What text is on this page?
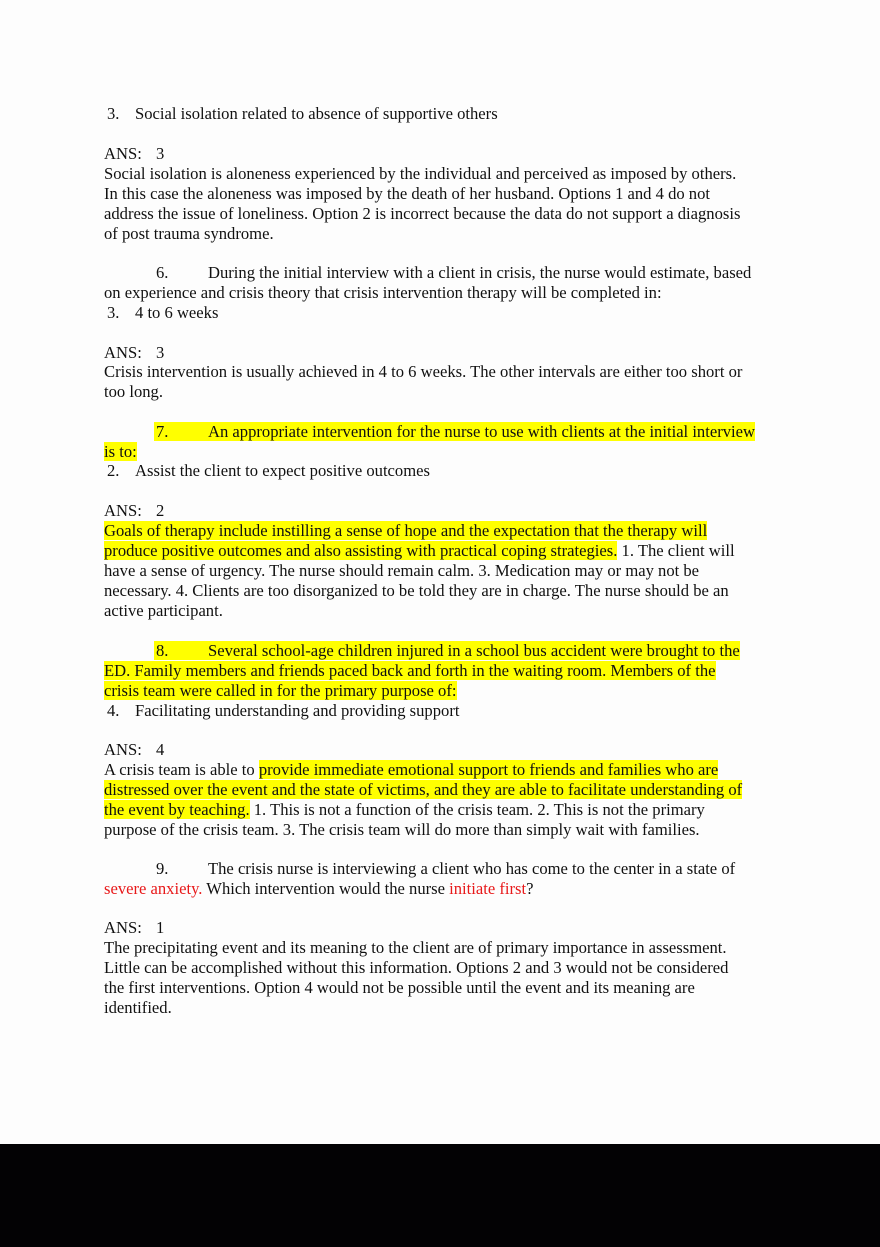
3. Social isolation related to absence of supportive others
ANS: 3
Social isolation is aloneness experienced by the individual and perceived as imposed by others.
In this case the aloneness was imposed by the death of her husband. Options 1 and 4 do not
address the issue of loneliness. Option 2 is incorrect because the data do not support a diagnosis
of post trauma syndrome.
6. During the initial interview with a client in crisis, the nurse would estimate, based
on experience and crisis theory that crisis intervention therapy will be completed in:
3. 4 to 6 weeks
ANS: 3
Crisis intervention is usually achieved in 4 to 6 weeks. The other intervals are either too short or
too long.
7. An appropriate intervention for the nurse to use with clients at the initial interview
is to:
2. Assist the client to expect positive outcomes
ANS: 2
Goals of therapy include instilling a sense of hope and the expectation that the therapy will
produce positive outcomes and also assisting with practical coping strategies. 1. The client will
have a sense of urgency. The nurse should remain calm. 3. Medication may or may not be
necessary. 4. Clients are too disorganized to be told they are in charge. The nurse should be an
active participant.
8. Several school-age children injured in a school bus accident were brought to the
ED. Family members and friends paced back and forth in the waiting room. Members of the
crisis team were called in for the primary purpose of:
4. Facilitating understanding and providing support
ANS: 4
A crisis team is able to provide immediate emotional support to friends and families who are
distressed over the event and the state of victims, and they are able to facilitate understanding of
the event by teaching. 1. This is not a function of the crisis team. 2. This is not the primary
purpose of the crisis team. 3. The crisis team will do more than simply wait with families.
9. The crisis nurse is interviewing a client who has come to the center in a state of
severe anxiety. Which intervention would the nurse initiate first?
ANS: 1
The precipitating event and its meaning to the client are of primary importance in assessment.
Little can be accomplished without this information. Options 2 and 3 would not be considered
the first interventions. Option 4 would not be possible until the event and its meaning are
identified.
